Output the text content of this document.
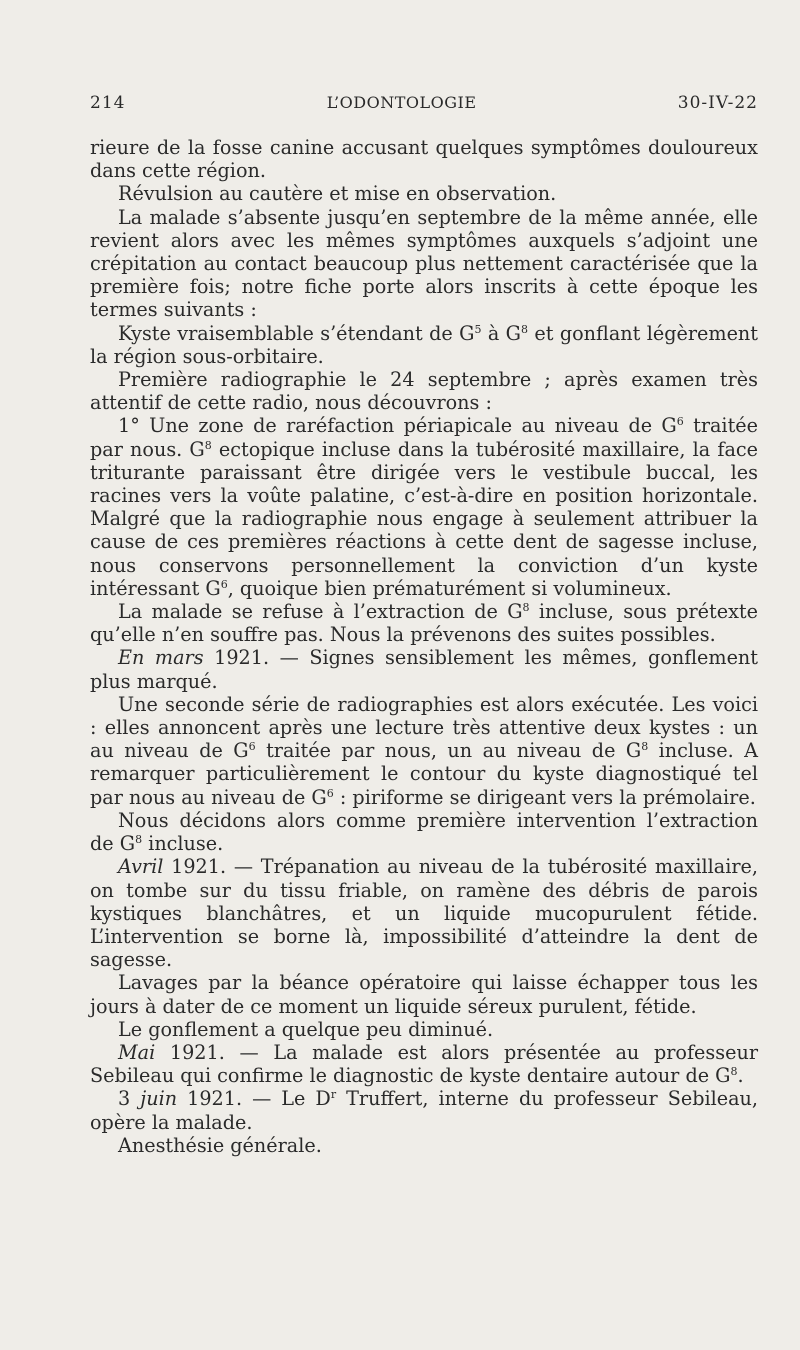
214	L’ODONTOLOGIE	30-IV-22

rieure de la fosse canine accusant quelques symptômes douloureux dans cette région.

Révulsion au cautère et mise en observation.

La malade s’absente jusqu’en septembre de la même année, elle revient alors avec les mêmes symptômes auxquels s’adjoint une crépitation au contact beaucoup plus nettement caractérisée que la première fois; notre fiche porte alors inscrits à cette époque les termes suivants :

Kyste vraisemblable s’étendant de $G^5$ à $G^8$ et gonflant légèrement la région sous-orbitaire.

Première radiographie le 24 septembre ; après examen très attentif de cette radio, nous découvrons :

1° Une zone de raréfaction périapicale au niveau de $G^6$ traitée par nous. $G^8$ ectopique incluse dans la tubérosité maxillaire, la face triturante paraissant être dirigée vers le vestibule buccal, les racines vers la voûte palatine, c’est-à-dire en position horizontale. Malgré que la radiographie nous engage à seulement attribuer la cause de ces premières réactions à cette dent de sagesse incluse, nous conservons personnellement la conviction d’un kyste intéressant $G^6$, quoique bien prématurément si volumineux.

La malade se refuse à l’extraction de $G^8$ incluse, sous prétexte qu’elle n’en souffre pas. Nous la prévenons des suites possibles.

En mars 1921. — Signes sensiblement les mêmes, gonflement plus marqué.

Une seconde série de radiographies est alors exécutée. Les voici : elles annoncent après une lecture très attentive deux kystes : un au niveau de $G^6$ traitée par nous, un au niveau de $G^8$ incluse. A remarquer particulièrement le contour du kyste diagnostiqué tel par nous au niveau de $G^6$ : piriforme se dirigeant vers la prémolaire.

Nous décidons alors comme première intervention l’extraction de $G^8$ incluse.

Avril 1921. — Trépanation au niveau de la tubérosité maxillaire, on tombe sur du tissu friable, on ramène des débris de parois kystiques blanchâtres, et un liquide mucopurulent fétide. L’intervention se borne là, impossibilité d’atteindre la dent de sagesse.

Lavages par la béance opératoire qui laisse échapper tous les jours à dater de ce moment un liquide séreux purulent, fétide.

Le gonflement a quelque peu diminué.

Mai 1921. — La malade est alors présentée au professeur Sebileau qui confirme le diagnostic de kyste dentaire autour de $G^8$.

3 juin 1921. — Le $D^r$ Truffert, interne du professeur Sebileau, opère la malade.

Anesthésie générale.
